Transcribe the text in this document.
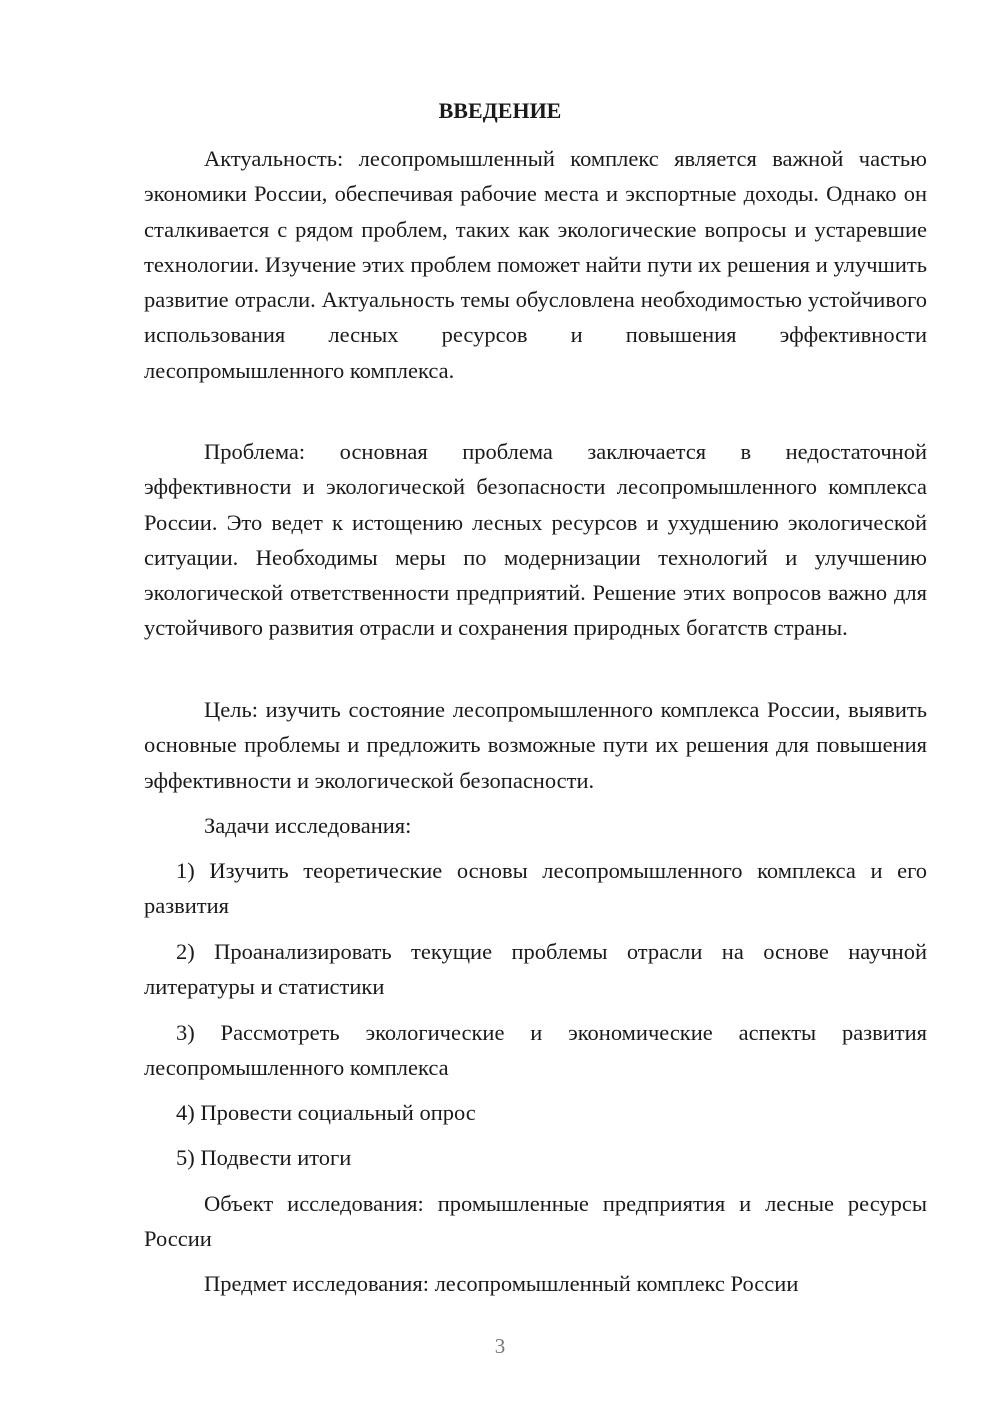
ВВЕДЕНИЕ

Актуальность: лесопромышленный комплекс является важной частью экономики России, обеспечивая рабочие места и экспортные доходы. Однако он сталкивается с рядом проблем, таких как экологические вопросы и устаревшие технологии. Изучение этих проблем поможет найти пути их решения и улучшить развитие отрасли. Актуальность темы обусловлена необходимостью устойчивого использования лесных ресурсов и повышения эффективности лесопромышленного комплекса.

Проблема: основная проблема заключается в недостаточной эффективности и экологической безопасности лесопромышленного комплекса России. Это ведет к истощению лесных ресурсов и ухудшению экологической ситуации. Необходимы меры по модернизации технологий и улучшению экологической ответственности предприятий. Решение этих вопросов важно для устойчивого развития отрасли и сохранения природных богатств страны.

Цель: изучить состояние лесопромышленного комплекса России, выявить основные проблемы и предложить возможные пути их решения для повышения эффективности и экологической безопасности.

Задачи исследования:

1) Изучить теоретические основы лесопромышленного комплекса и его развития

2) Проанализировать текущие проблемы отрасли на основе научной литературы и статистики

3) Рассмотреть экологические и экономические аспекты развития лесопромышленного комплекса

4) Провести социальный опрос

5) Подвести итоги

Объект исследования: промышленные предприятия и лесные ресурсы России

Предмет исследования: лесопромышленный комплекс России

3
